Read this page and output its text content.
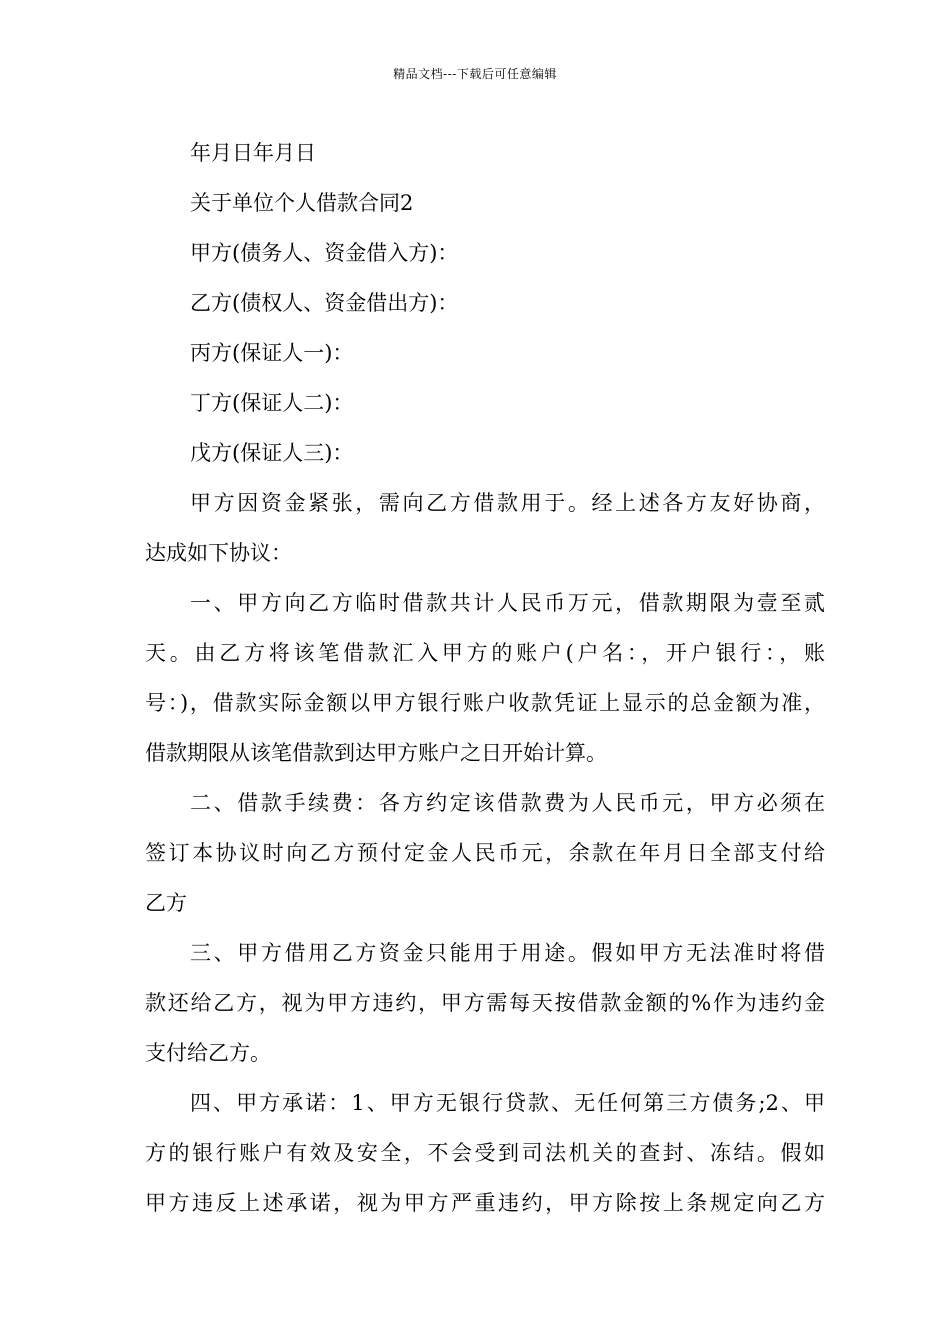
精品文档---下载后可任意编辑
年月日年月日
关于单位个人借款合同2
甲方(债务人、资金借入方)：
乙方(债权人、资金借出方)：
丙方(保证人一)：
丁方(保证人二)：
戊方(保证人三)：
甲方因资金紧张，需向乙方借款用于。经上述各方友好协商，
达成如下协议：
一、甲方向乙方临时借款共计人民币万元，借款期限为壹至贰
天。由乙方将该笔借款汇入甲方的账户(户名：，开户银行：，账
号：)，借款实际金额以甲方银行账户收款凭证上显示的总金额为准，
借款期限从该笔借款到达甲方账户之日开始计算。
二、借款手续费：各方约定该借款费为人民币元，甲方必须在
签订本协议时向乙方预付定金人民币元，余款在年月日全部支付给
乙方
三、甲方借用乙方资金只能用于用途。假如甲方无法准时将借
款还给乙方，视为甲方违约，甲方需每天按借款金额的%作为违约金
支付给乙方。
四、甲方承诺：1、甲方无银行贷款、无任何第三方债务;2、甲
方的银行账户有效及安全，不会受到司法机关的查封、冻结。假如
甲方违反上述承诺，视为甲方严重违约，甲方除按上条规定向乙方
